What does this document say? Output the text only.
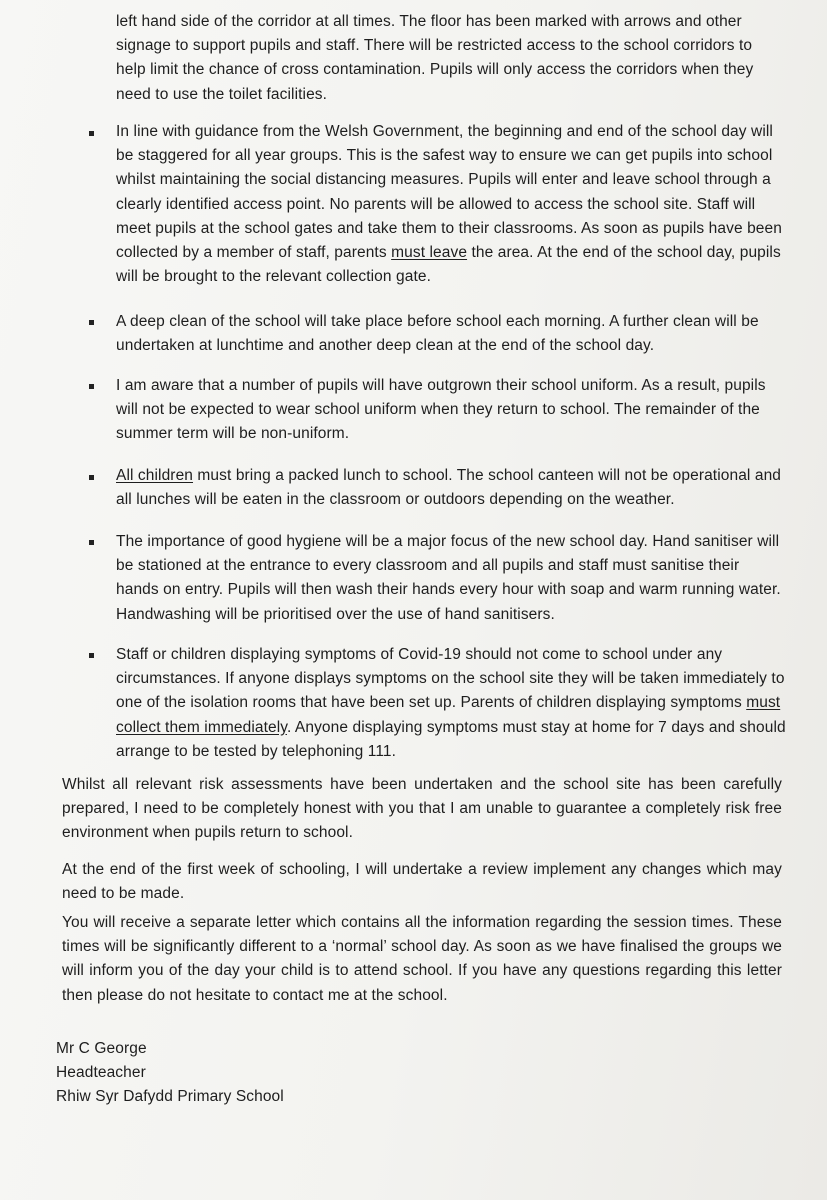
left hand side of the corridor at all times. The floor has been marked with arrows and other signage to support pupils and staff. There will be restricted access to the school corridors to help limit the chance of cross contamination. Pupils will only access the corridors when they need to use the toilet facilities.

In line with guidance from the Welsh Government, the beginning and end of the school day will be staggered for all year groups. This is the safest way to ensure we can get pupils into school whilst maintaining the social distancing measures. Pupils will enter and leave school through a clearly identified access point. No parents will be allowed to access the school site. Staff will meet pupils at the school gates and take them to their classrooms. As soon as pupils have been collected by a member of staff, parents must leave the area. At the end of the school day, pupils will be brought to the relevant collection gate.

A deep clean of the school will take place before school each morning. A further clean will be undertaken at lunchtime and another deep clean at the end of the school day.

I am aware that a number of pupils will have outgrown their school uniform. As a result, pupils will not be expected to wear school uniform when they return to school. The remainder of the summer term will be non-uniform.

All children must bring a packed lunch to school. The school canteen will not be operational and all lunches will be eaten in the classroom or outdoors depending on the weather.

The importance of good hygiene will be a major focus of the new school day. Hand sanitiser will be stationed at the entrance to every classroom and all pupils and staff must sanitise their hands on entry. Pupils will then wash their hands every hour with soap and warm running water. Handwashing will be prioritised over the use of hand sanitisers.

Staff or children displaying symptoms of Covid-19 should not come to school under any circumstances. If anyone displays symptoms on the school site they will be taken immediately to one of the isolation rooms that have been set up. Parents of children displaying symptoms must collect them immediately. Anyone displaying symptoms must stay at home for 7 days and should arrange to be tested by telephoning 111.

Whilst all relevant risk assessments have been undertaken and the school site has been carefully prepared, I need to be completely honest with you that I am unable to guarantee a completely risk free environment when pupils return to school.

At the end of the first week of schooling, I will undertake a review implement any changes which may need to be made.

You will receive a separate letter which contains all the information regarding the session times. These times will be significantly different to a ‘normal’ school day. As soon as we have finalised the groups we will inform you of the day your child is to attend school. If you have any questions regarding this letter then please do not hesitate to contact me at the school.

Mr C George

Headteacher

Rhiw Syr Dafydd Primary School
